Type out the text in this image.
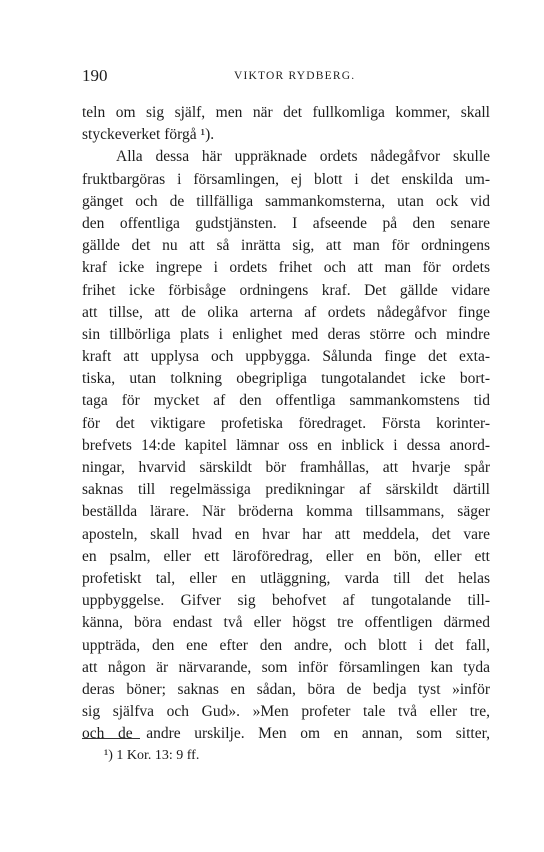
190	VIKTOR RYDBERG.
teln om sig själf, men när det fullkomliga kommer, skall
styckeverket förgå ¹).
Alla dessa här uppräknade ordets nådegåfvor skulle
fruktbargöras i församlingen, ej blott i det enskilda um-
gänget och de tillfälliga sammankomsterna, utan ock vid
den offentliga gudstjänsten. I afseende på den senare
gällde det nu att så inrätta sig, att man för ordningens
kraf icke ingrepe i ordets frihet och att man för ordets
frihet icke förbisåge ordningens kraf. Det gällde vidare
att tillse, att de olika arterna af ordets nådegåfvor finge
sin tillbörliga plats i enlighet med deras större och mindre
kraft att upplysa och uppbygga. Sålunda finge det exta-
tiska, utan tolkning obegripliga tungotalandet icke bort-
taga för mycket af den offentliga sammankomstens tid
för det viktigare profetiska föredraget. Första korinter-
brefvets 14:de kapitel lämnar oss en inblick i dessa anord-
ningar, hvarvid särskildt bör framhållas, att hvarje spår
saknas till regelmässiga predikningar af särskildt därtill
beställda lärare. När bröderna komma tillsammans, säger
aposteln, skall hvad en hvar har att meddela, det vare
en psalm, eller ett läroföredrag, eller en bön, eller ett
profetiskt tal, eller en utläggning, varda till det helas
uppbyggelse. Gifver sig behofvet af tungotalande till-
känna, böra endast två eller högst tre offentligen därmed
uppträda, den ene efter den andre, och blott i det fall,
att någon är närvarande, som inför församlingen kan tyda
deras böner; saknas en sådan, böra de bedja tyst »inför
sig själfva och Gud». »Men profeter tale två eller tre,
och de andre urskilje. Men om en annan, som sitter,
¹) 1 Kor. 13: 9 ff.
